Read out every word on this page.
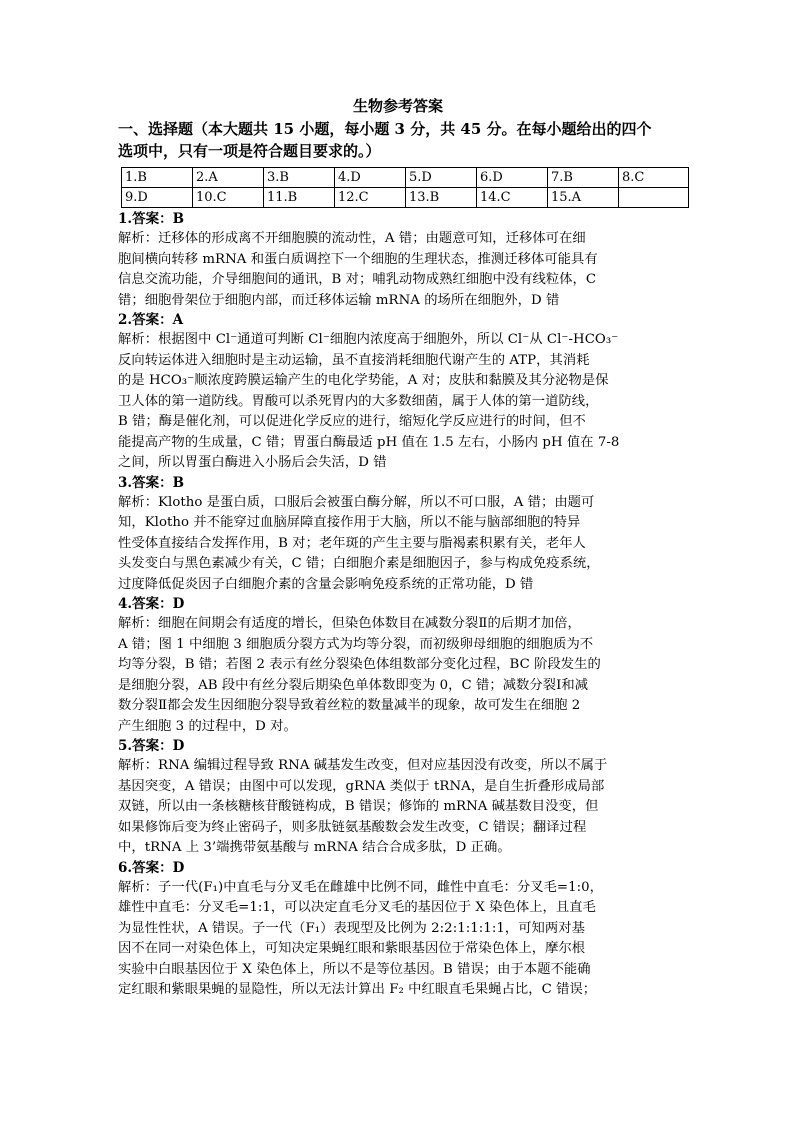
生物参考答案
一、选择题（本大题共 15 小题，每小题 3 分，共 45 分。在每小题给出的四个
选项中，只有一项是符合题目要求的。）
1.B	2.A	3.B	4.D	5.D	6.D	7.B	8.C
9.D	10.C	11.B	12.C	13.B	14.C	15.A	
1.答案：B
解析：迁移体的形成离不开细胞膜的流动性，A 错；由题意可知，迁移体可在细
胞间横向转移 mRNA 和蛋白质调控下一个细胞的生理状态，推测迁移体可能具有
信息交流功能，介导细胞间的通讯，B 对；哺乳动物成熟红细胞中没有线粒体，C
错；细胞骨架位于细胞内部，而迁移体运输 mRNA 的场所在细胞外，D 错
2.答案：A
解析：根据图中 Cl⁻通道可判断 Cl⁻细胞内浓度高于细胞外，所以 Cl⁻从 Cl⁻-HCO₃⁻
反向转运体进入细胞时是主动运输，虽不直接消耗细胞代谢产生的 ATP，其消耗
的是 HCO₃⁻顺浓度跨膜运输产生的电化学势能，A 对；皮肤和黏膜及其分泌物是保
卫人体的第一道防线。胃酸可以杀死胃内的大多数细菌，属于人体的第一道防线，
B 错；酶是催化剂，可以促进化学反应的进行，缩短化学反应进行的时间，但不
能提高产物的生成量，C 错；胃蛋白酶最适 pH 值在 1.5 左右，小肠内 pH 值在 7-8
之间，所以胃蛋白酶进入小肠后会失活，D 错
3.答案：B
解析：Klotho 是蛋白质，口服后会被蛋白酶分解，所以不可口服，A 错；由题可
知，Klotho 并不能穿过血脑屏障直接作用于大脑，所以不能与脑部细胞的特异
性受体直接结合发挥作用，B 对；老年斑的产生主要与脂褐素积累有关，老年人
头发变白与黑色素减少有关，C 错；白细胞介素是细胞因子，参与构成免疫系统，
过度降低促炎因子白细胞介素的含量会影响免疫系统的正常功能，D 错
4.答案：D
解析：细胞在间期会有适度的增长，但染色体数目在减数分裂Ⅱ的后期才加倍，
A 错；图 1 中细胞 3 细胞质分裂方式为均等分裂，而初级卵母细胞的细胞质为不
均等分裂，B 错；若图 2 表示有丝分裂染色体组数部分变化过程，BC 阶段发生的
是细胞分裂，AB 段中有丝分裂后期染色单体数即变为 0，C 错；减数分裂Ⅰ和减
数分裂Ⅱ都会发生因细胞分裂导致着丝粒的数量减半的现象，故可发生在细胞 2
产生细胞 3 的过程中，D 对。
5.答案：D
解析：RNA 编辑过程导致 RNA 碱基发生改变，但对应基因没有改变，所以不属于
基因突变，A 错误；由图中可以发现，gRNA 类似于 tRNA，是自生折叠形成局部
双链，所以由一条核糖核苷酸链构成，B 错误；修饰的 mRNA 碱基数目没变，但
如果修饰后变为终止密码子，则多肽链氨基酸数会发生改变，C 错误；翻译过程
中，tRNA 上 3’端携带氨基酸与 mRNA 结合合成多肽，D 正确。
6.答案：D
解析：子一代(F₁)中直毛与分叉毛在雌雄中比例不同，雌性中直毛：分叉毛=1:0，
雄性中直毛：分叉毛=1:1，可以决定直毛分叉毛的基因位于 X 染色体上，且直毛
为显性性状，A 错误。子一代（F₁）表现型及比例为 2:2:1:1:1:1，可知两对基
因不在同一对染色体上，可知决定果蝇红眼和紫眼基因位于常染色体上，摩尔根
实验中白眼基因位于 X 染色体上，所以不是等位基因。B 错误；由于本题不能确
定红眼和紫眼果蝇的显隐性，所以无法计算出 F₂ 中红眼直毛果蝇占比，C 错误；
